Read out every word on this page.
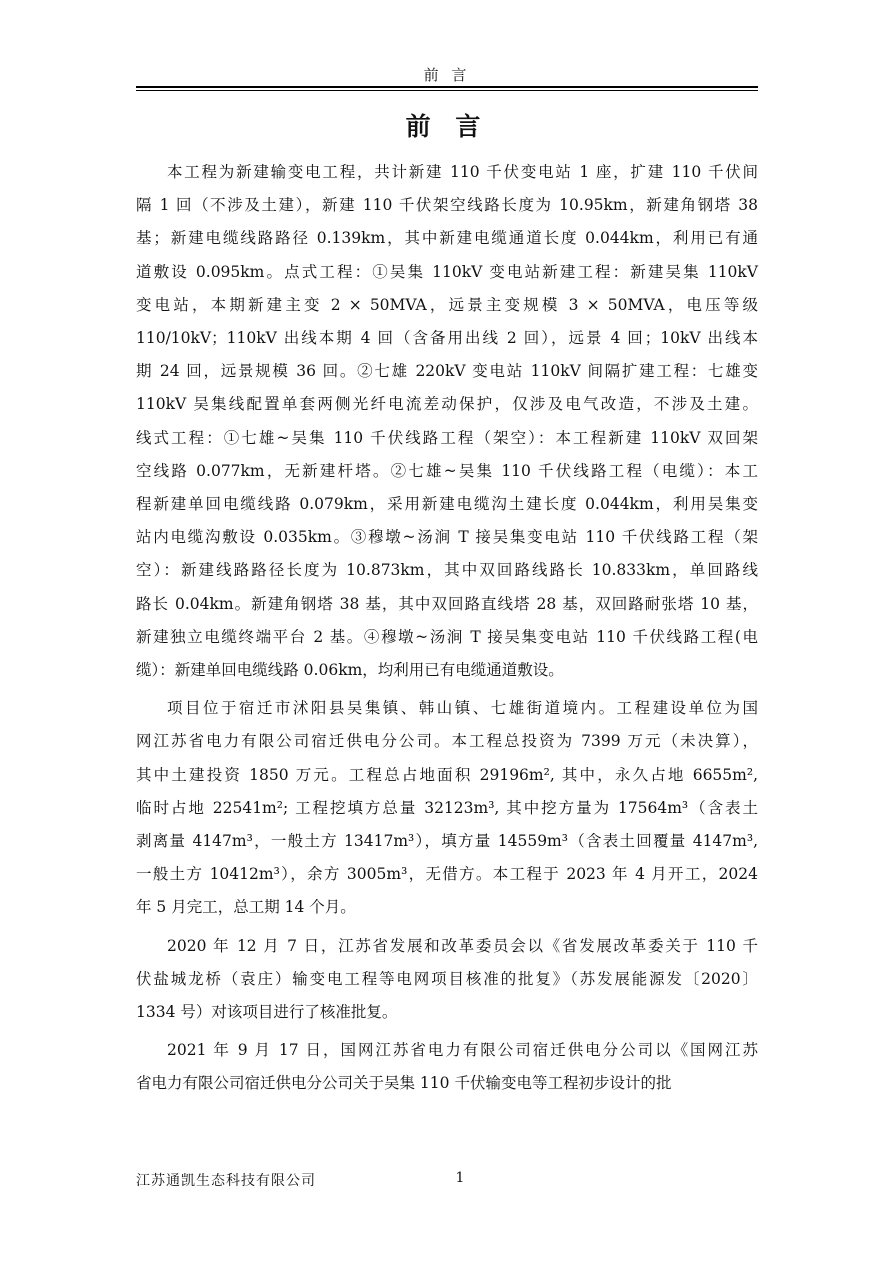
前 言
前 言
本工程为新建输变电工程，共计新建 110 千伏变电站 1 座，扩建 110 千伏间
隔 1 回（不涉及土建），新建 110 千伏架空线路长度为 10.95km，新建角钢塔 38
基；新建电缆线路路径 0.139km，其中新建电缆通道长度 0.044km，利用已有通
道敷设 0.095km。点式工程：①吴集 110kV 变电站新建工程：新建吴集 110kV
变电站，本期新建主变 2 × 50MVA，远景主变规模 3 × 50MVA，电压等级
110/10kV；110kV 出线本期 4 回（含备用出线 2 回），远景 4 回；10kV 出线本
期 24 回，远景规模 36 回。②七雄 220kV 变电站 110kV 间隔扩建工程：七雄变
110kV 吴集线配置单套两侧光纤电流差动保护，仅涉及电气改造，不涉及土建。
线式工程：①七雄~吴集 110 千伏线路工程（架空）：本工程新建 110kV 双回架
空线路 0.077km，无新建杆塔。②七雄~吴集 110 千伏线路工程（电缆）：本工
程新建单回电缆线路 0.079km，采用新建电缆沟土建长度 0.044km，利用吴集变
站内电缆沟敷设 0.035km。③穆墩~汤涧 T 接吴集变电站 110 千伏线路工程（架
空）：新建线路路径长度为 10.873km，其中双回路线路长 10.833km，单回路线
路长 0.04km。新建角钢塔 38 基，其中双回路直线塔 28 基，双回路耐张塔 10 基，
新建独立电缆终端平台 2 基。④穆墩~汤涧 T 接吴集变电站 110 千伏线路工程(电
缆）：新建单回电缆线路 0.06km，均利用已有电缆通道敷设。
项目位于宿迁市沭阳县吴集镇、韩山镇、七雄街道境内。工程建设单位为国
网江苏省电力有限公司宿迁供电分公司。本工程总投资为 7399 万元（未决算），
其中土建投资 1850 万元。工程总占地面积 29196m², 其中，永久占地 6655m²,
临时占地 22541m²; 工程挖填方总量 32123m³, 其中挖方量为 17564m³（含表土
剥离量 4147m³，一般土方 13417m³），填方量 14559m³（含表土回覆量 4147m³,
一般土方 10412m³），余方 3005m³，无借方。本工程于 2023 年 4 月开工，2024
年 5 月完工，总工期 14 个月。
2020 年 12 月 7 日，江苏省发展和改革委员会以《省发展改革委关于 110 千
伏盐城龙桥（袁庄）输变电工程等电网项目核准的批复》（苏发展能源发〔2020〕
1334 号）对该项目进行了核准批复。
2021 年 9 月 17 日，国网江苏省电力有限公司宿迁供电分公司以《国网江苏
省电力有限公司宿迁供电分公司关于吴集 110 千伏输变电等工程初步设计的批
江苏通凯生态科技有限公司	1
